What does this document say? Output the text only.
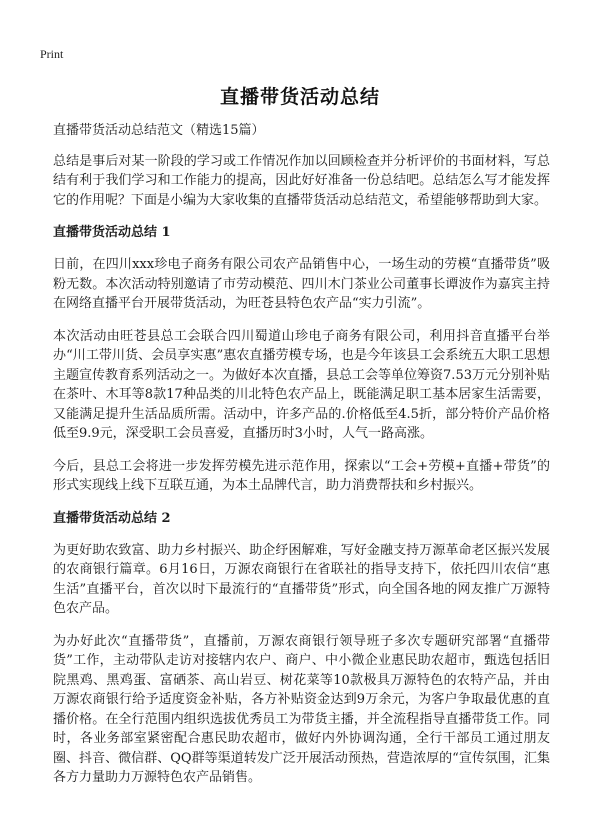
Print
直播带货活动总结

直播带货活动总结范文（精选15篇）

总结是事后对某一阶段的学习或工作情况作加以回顾检查并分析评价的书面材料，写总结有利于我们学习和工作能力的提高，因此好好准备一份总结吧。总结怎么写才能发挥它的作用呢？下面是小编为大家收集的直播带货活动总结范文，希望能够帮助到大家。

直播带货活动总结 1

日前，在四川xxx珍电子商务有限公司农产品销售中心，一场生动的劳模“直播带货”吸粉无数。本次活动特别邀请了市劳动模范、四川木门茶业公司董事长谭波作为嘉宾主持在网络直播平台开展带货活动，为旺苍县特色农产品“实力引流”。

本次活动由旺苍县总工会联合四川蜀道山珍电子商务有限公司，利用抖音直播平台举办“川工带川货、会员享实惠”惠农直播劳模专场，也是今年该县工会系统五大职工思想主题宣传教育系列活动之一。为做好本次直播，县总工会等单位筹资7.53万元分别补贴在茶叶、木耳等8款17种品类的川北特色农产品上，既能满足职工基本居家生活需要，又能满足提升生活品质所需。活动中，许多产品的.价格低至4.5折，部分特价产品价格低至9.9元，深受职工会员喜爱，直播历时3小时，人气一路高涨。

今后，县总工会将进一步发挥劳模先进示范作用，探索以“工会+劳模+直播+带货”的形式实现线上线下互联互通，为本土品牌代言，助力消费帮扶和乡村振兴。

直播带货活动总结 2

为更好助农致富、助力乡村振兴、助企纾困解难，写好金融支持万源革命老区振兴发展的农商银行篇章。6月16日，万源农商银行在省联社的指导支持下，依托四川农信“惠生活”直播平台，首次以时下最流行的“直播带货”形式，向全国各地的网友推广万源特色农产品。

为办好此次“直播带货”，直播前，万源农商银行领导班子多次专题研究部署“直播带货”工作，主动带队走访对接辖内农户、商户、中小微企业惠民助农超市，甄选包括旧院黑鸡、黑鸡蛋、富硒茶、高山岩豆、树花菜等10款极具万源特色的农特产品，并由万源农商银行给予适度资金补贴，各方补贴资金达到9万余元，为客户争取最优惠的直播价格。在全行范围内组织选拔优秀员工为带货主播，并全流程指导直播带货工作。同时，各业务部室紧密配合惠民助农超市，做好内外协调沟通，全行干部员工通过朋友圈、抖音、微信群、QQ群等渠道转发广泛开展活动预热，营造浓厚的“宣传氛围，汇集各方力量助力万源特色农产品销售。
